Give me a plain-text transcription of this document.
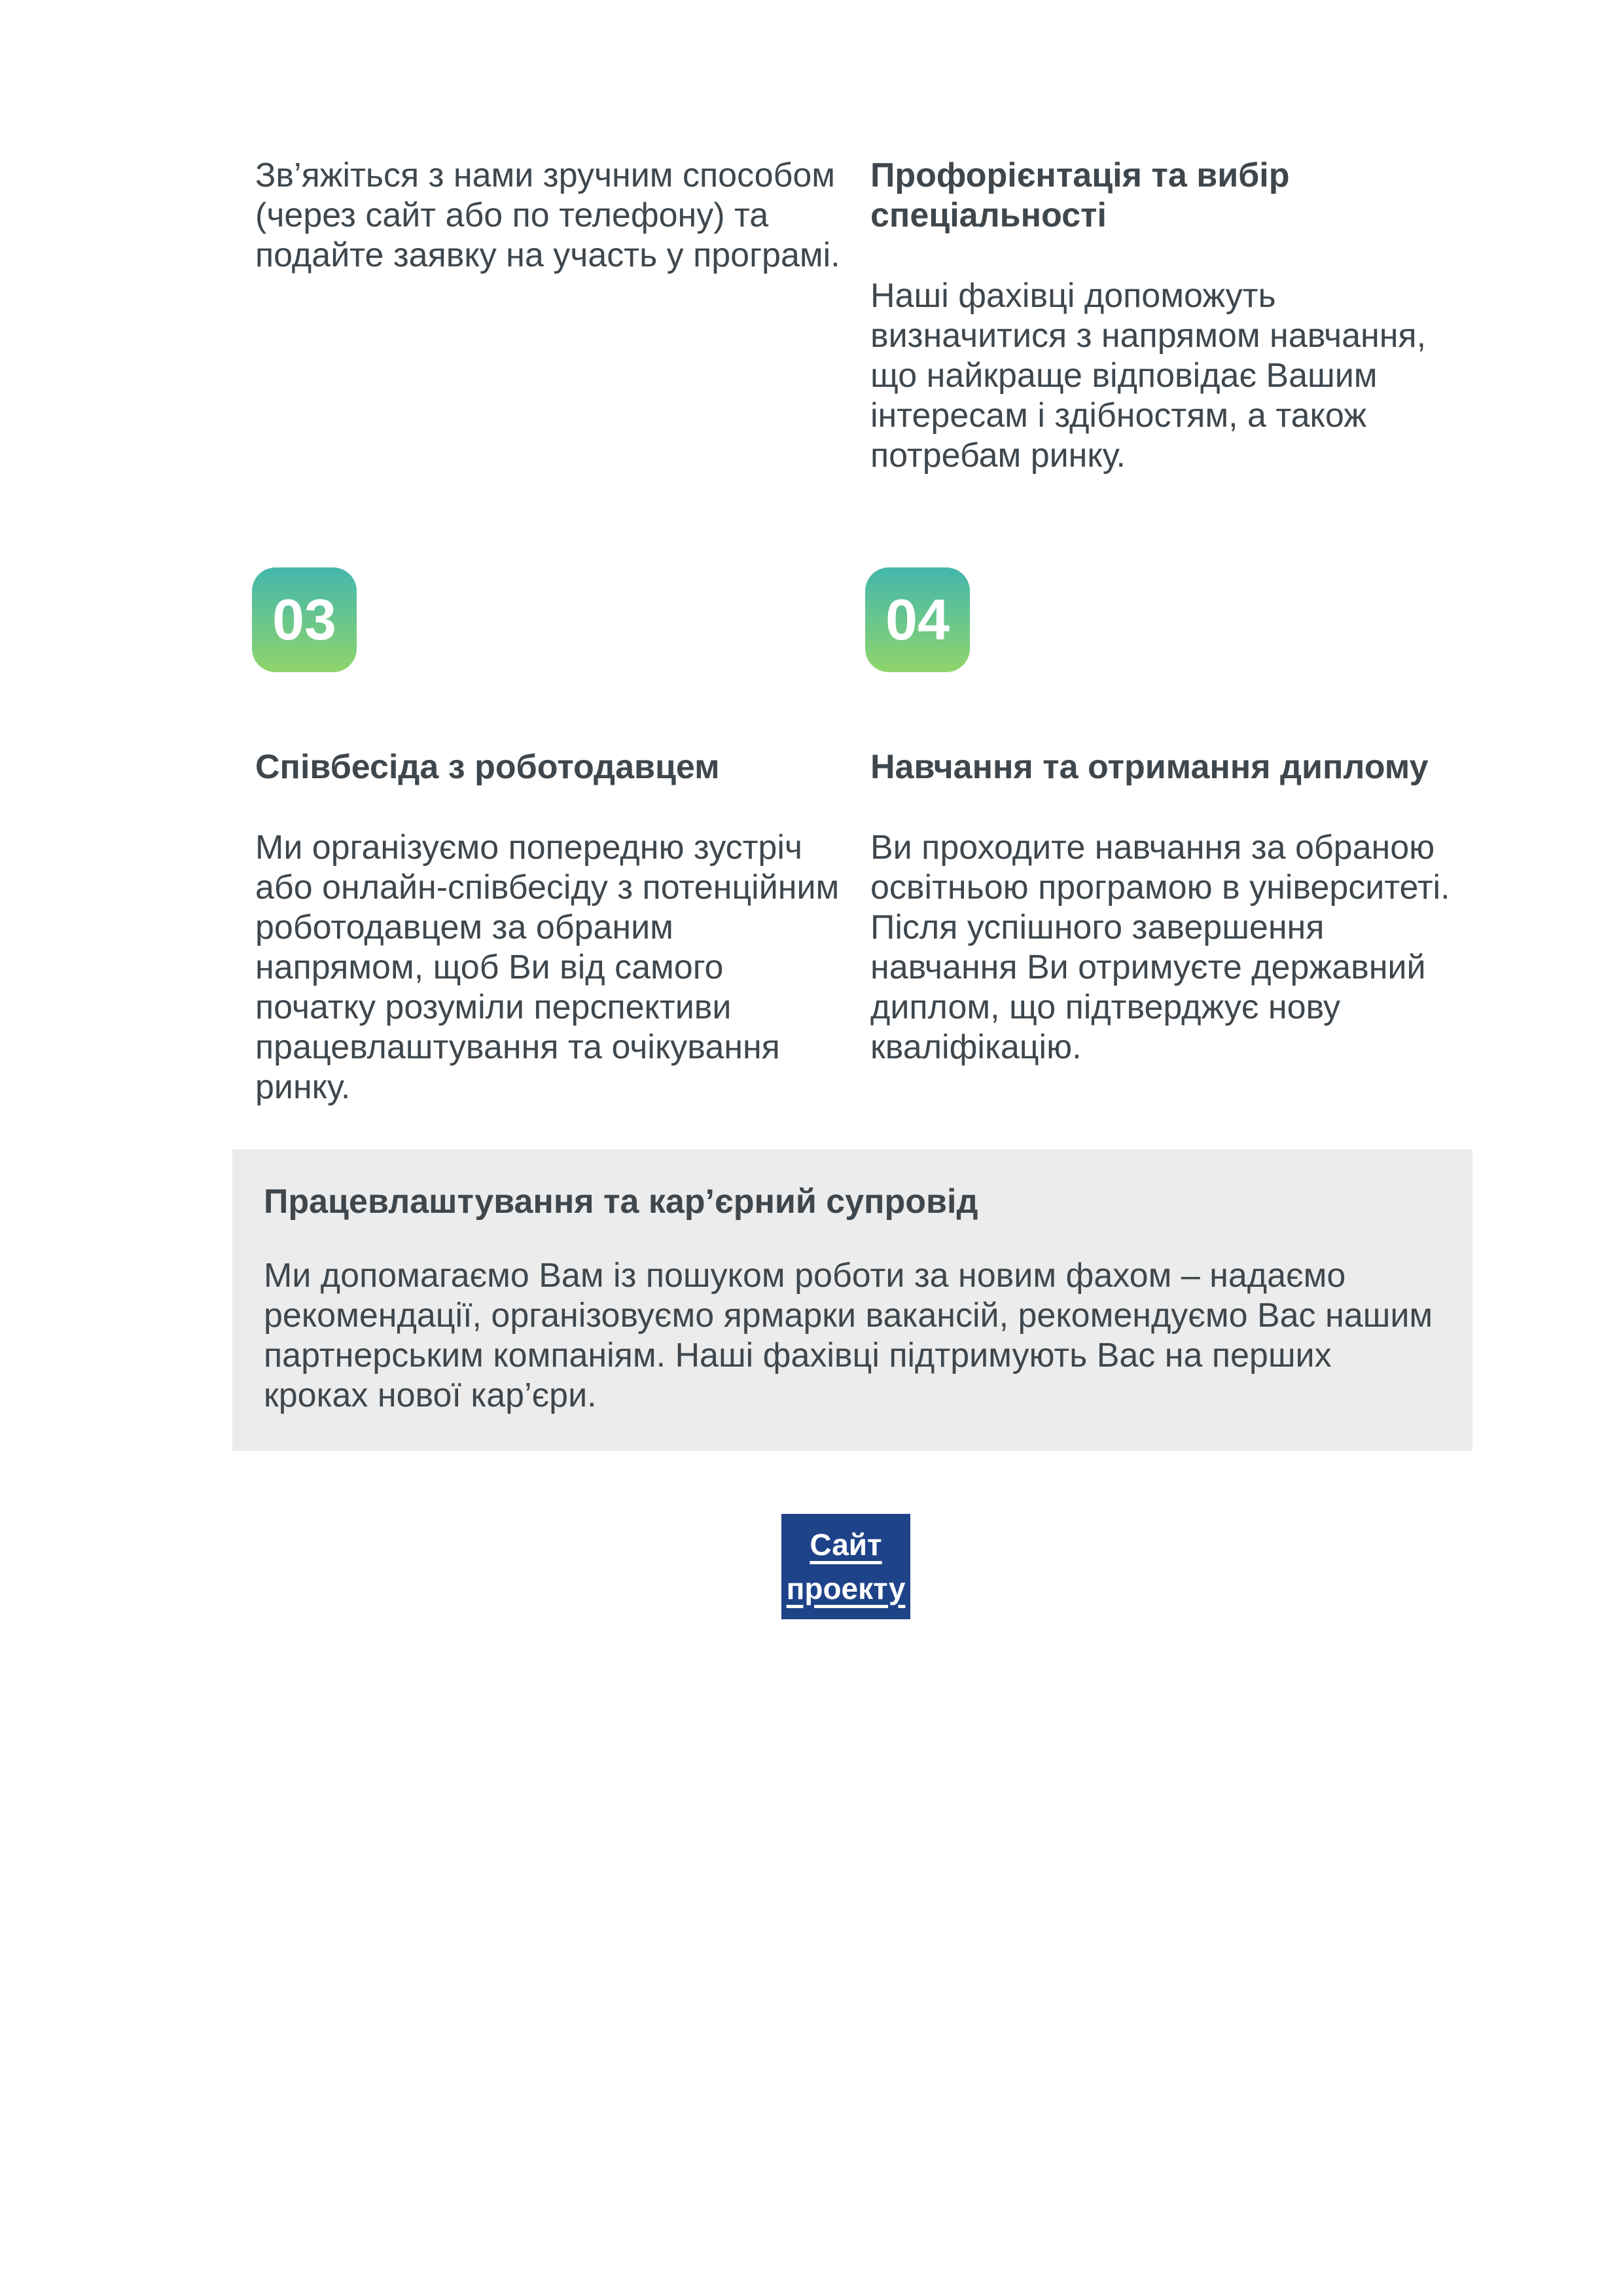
Зв’яжіться з нами зручним способом (через сайт або по телефону) та подайте заявку на участь у програмі.

Профорієнтація та вибір спеціальності

Наші фахівці допоможуть визначитися з напрямом навчання, що найкраще відповідає Вашим інтересам і здібностям, а також потребам ринку.

03	04
Співбесіда з роботодавцем

Ми організуємо попередню зустріч або онлайн-співбесіду з потенційним роботодавцем за обраним напрямом, щоб Ви від самого початку розуміли перспективи працевлаштування та очікування ринку.

Навчання та отримання диплому

Ви проходите навчання за обраною освітньою програмою в університеті. Після успішного завершення навчання Ви отримуєте державний диплом, що підтверджує нову кваліфікацію.

Працевлаштування та кар’єрний супровід

Ми допомагаємо Вам із пошуком роботи за новим фахом – надаємо рекомендації, організовуємо ярмарки вакансій, рекомендуємо Вас нашим партнерським компаніям. Наші фахівці підтримують Вас на перших кроках нової кар’єри.

Сайт
проекту
